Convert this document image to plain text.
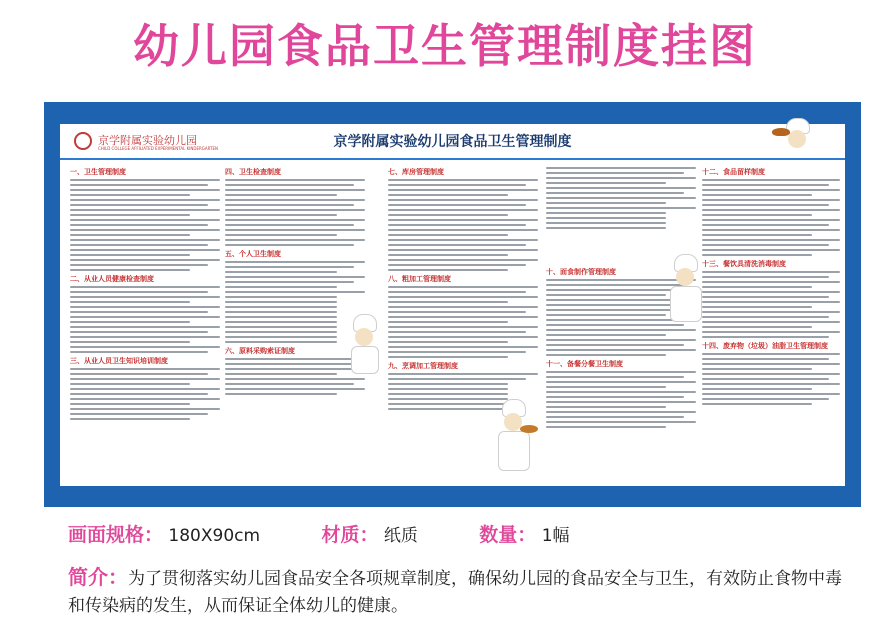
幼儿园食品卫生管理制度挂图
京学附属实验幼儿园
CHILD COLLEGE AFFILIATED EXPERIMENTAL KINDERGARTEN	京学附属实验幼儿园食品卫生管理制度
一、卫生管理制度
二、从业人员健康检查制度
三、从业人员卫生知识培训制度
四、卫生检查制度
五、个人卫生制度
六、原料采购索证制度
七、库房管理制度
八、粗加工管理制度
九、烹调加工管理制度
十、面食制作管理制度
十一、备餐分餐卫生制度
十二、食品留样制度
十三、餐饮具清洗消毒制度
十四、废弃物（垃圾）油脂卫生管理制度
画面规格： 180X90cm	材质： 纸质	数量： 1幅
简介：为了贯彻落实幼儿园食品安全各项规章制度，确保幼儿园的食品安全与卫生，有效防止食物中毒和传染病的发生，从而保证全体幼儿的健康。
